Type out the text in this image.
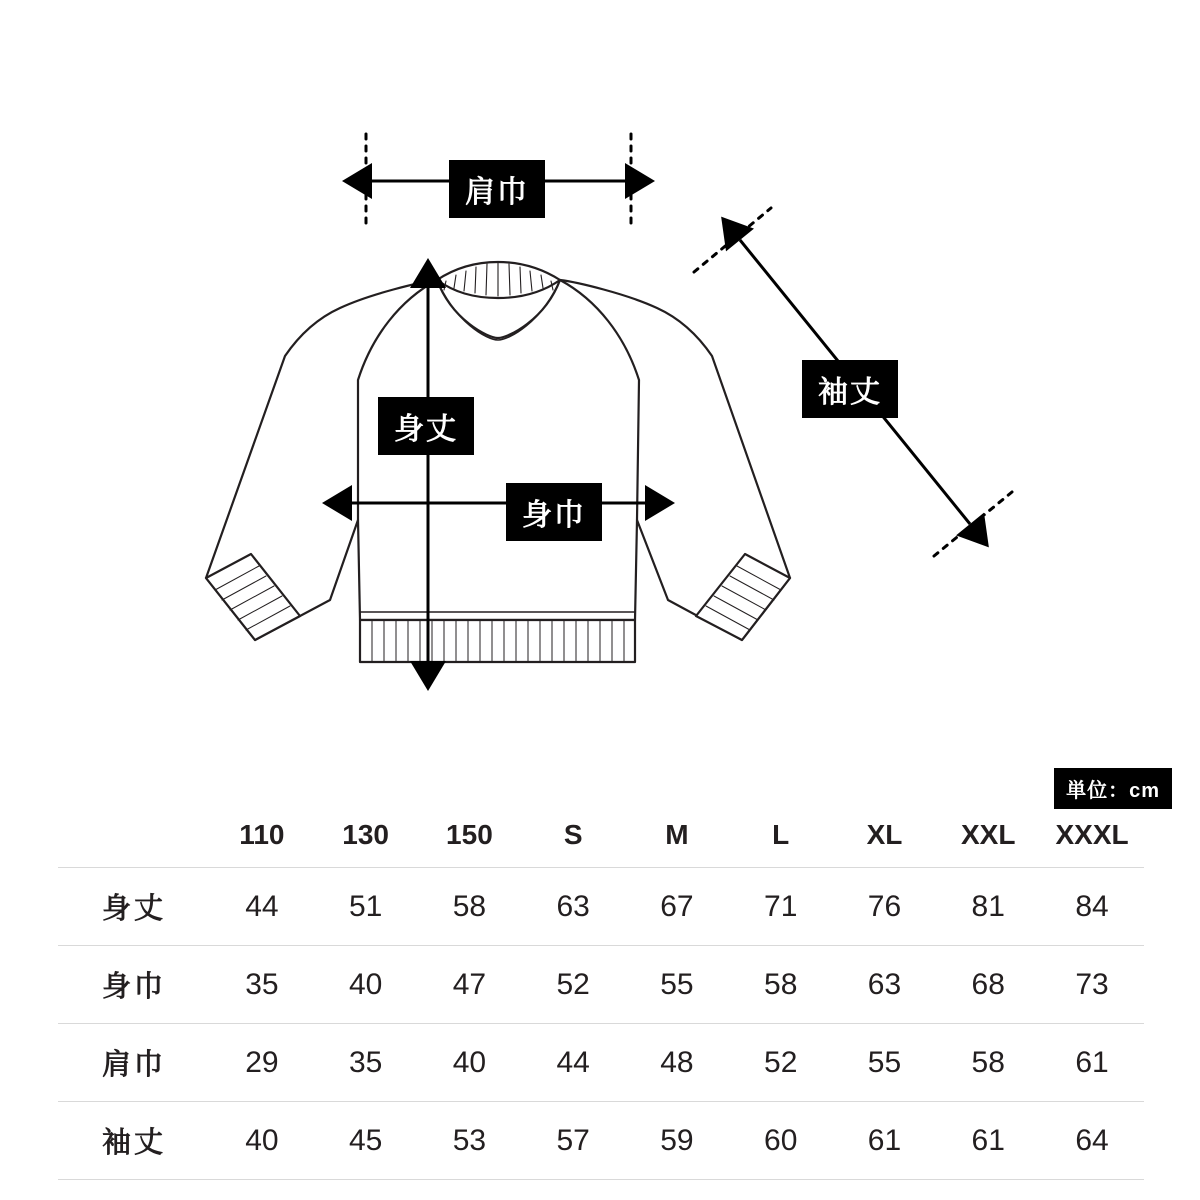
肩巾
身丈
身巾
袖丈
単位：cm
	110	130	150	S	M	L	XL	XXL	XXXL
身丈	44	51	58	63	67	71	76	81	84
身巾	35	40	47	52	55	58	63	68	73
肩巾	29	35	40	44	48	52	55	58	61
袖丈	40	45	53	57	59	60	61	61	64
